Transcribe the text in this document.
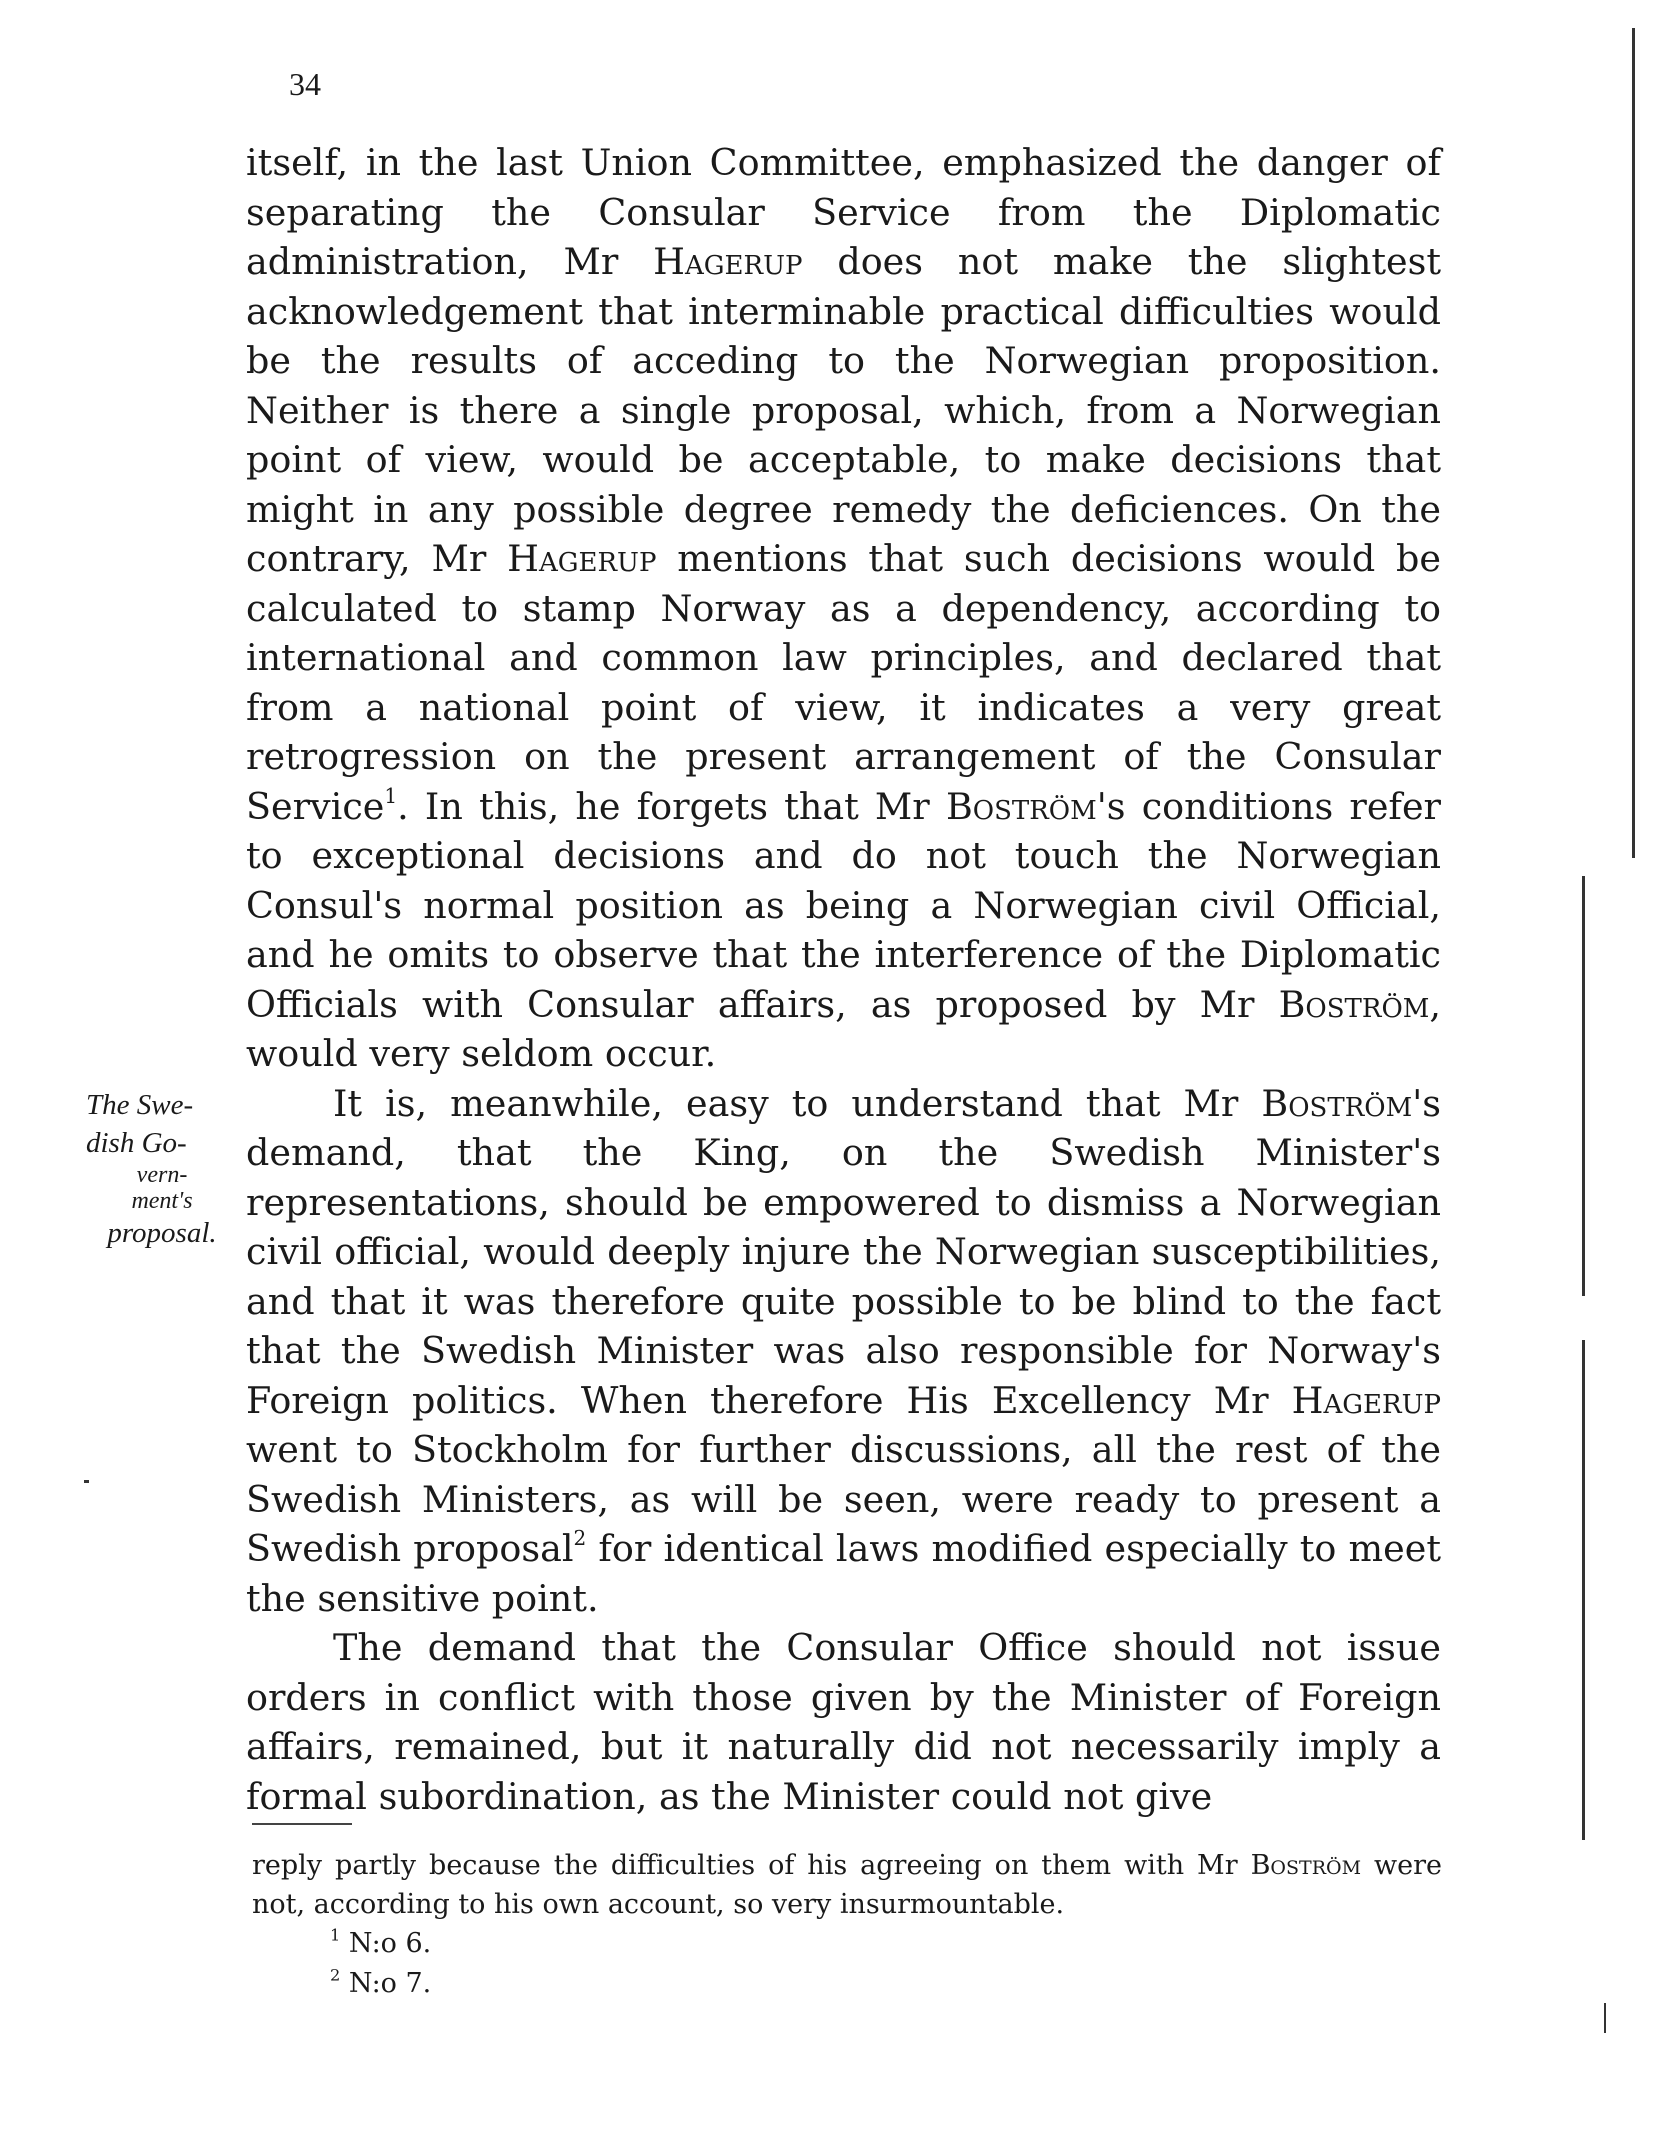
34

itself, in the last Union Committee, emphasized the danger of separating the Consular Service from the Diplomatic administration, Mr Hagerup does not make the slightest acknowledgement that interminable practical difficulties would be the results of acceding to the Norwegian proposition. Neither is there a single proposal, which, from a Norwegian point of view, would be acceptable, to make decisions that might in any possible degree remedy the deficiences. On the contrary, Mr Hagerup mentions that such decisions would be calculated to stamp Norway as a dependency, according to international and common law principles, and declared that from a national point of view, it indicates a very great retrogression on the present arrangement of the Consular Service$^1$. In this, he forgets that Mr Boström's conditions refer to exceptional decisions and do not touch the Norwegian Consul's normal position as being a Norwegian civil Official, and he omits to observe that the interference of the Diplomatic Officials with Consular affairs, as proposed by Mr Boström, would very seldom occur.

It is, meanwhile, easy to understand that Mr Boström's demand, that the King, on the Swedish Minister's representations, should be empowered to dismiss a Norwegian civil official, would deeply injure the Norwegian susceptibilities, and that it was therefore quite possible to be blind to the fact that the Swedish Minister was also responsible for Norway's Foreign politics. When therefore His Excellency Mr Hagerup went to Stockholm for further discussions, all the rest of the Swedish Ministers, as will be seen, were ready to present a Swedish proposal$^2$ for identical laws modified especially to meet the sensitive point.

The demand that the Consular Office should not issue orders in conflict with those given by the Minister of Foreign affairs, remained, but it naturally did not necessarily imply a formal subordination, as the Minister could not give

The Swe-
dish Go-
vern-
ment's
proposal.

reply partly because the difficulties of his agreeing on them with Mr Boström were not, according to his own account, so very insurmountable.

$^1$ N:o 6.
$^2$ N:o 7.
